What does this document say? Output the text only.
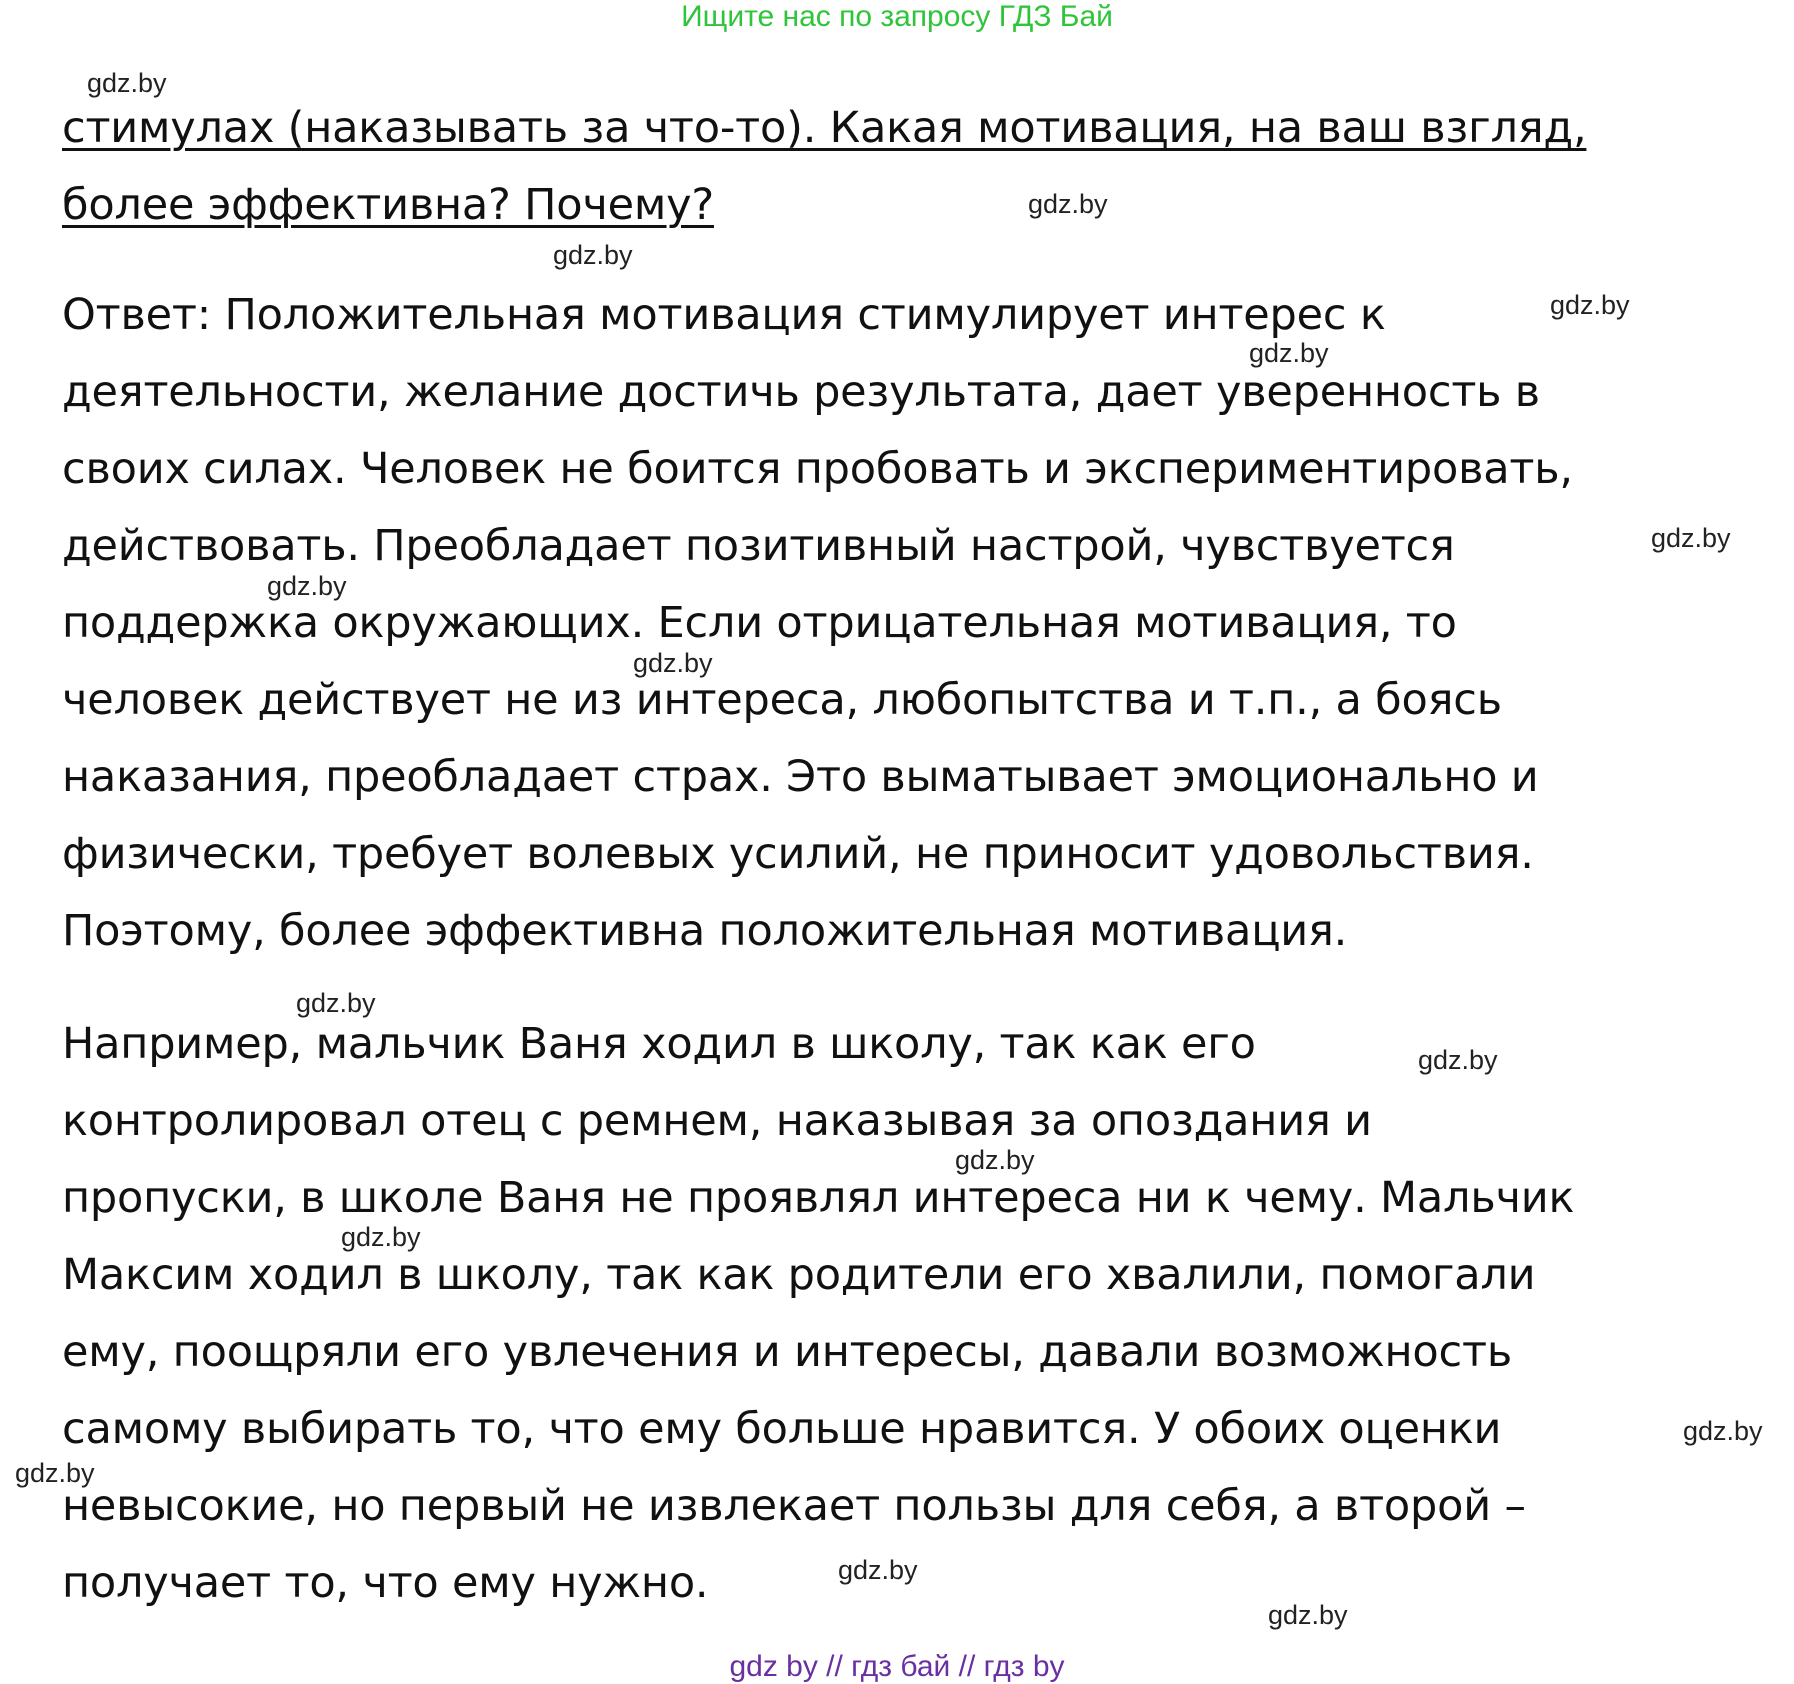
Ищите нас по запросу ГДЗ Бай
стимулах (наказывать за что-то). Какая мотивация, на ваш взгляд,
более эффективна? Почему?
Ответ: Положительная мотивация стимулирует интерес к
деятельности, желание достичь результата, дает уверенность в
своих силах. Человек не боится пробовать и экспериментировать,
действовать. Преобладает позитивный настрой, чувствуется
поддержка окружающих. Если отрицательная мотивация, то
человек действует не из интереса, любопытства и т.п., а боясь
наказания, преобладает страх. Это выматывает эмоционально и
физически, требует волевых усилий, не приносит удовольствия.
Поэтому, более эффективна положительная мотивация.
Например, мальчик Ваня ходил в школу, так как его
контролировал отец с ремнем, наказывая за опоздания и
пропуски, в школе Ваня не проявлял интереса ни к чему. Мальчик
Максим ходил в школу, так как родители его хвалили, помогали
ему, поощряли его увлечения и интересы, давали возможность
самому выбирать то, что ему больше нравится. У обоих оценки
невысокие, но первый не извлекает пользы для себя, а второй –
получает то, что ему нужно.
gdz.by
gdz.by
gdz.by
gdz.by
gdz.by
gdz.by
gdz.by
gdz.by
gdz.by
gdz.by
gdz.by
gdz.by
gdz.by
gdz.by
gdz.by
gdz.by
gdz by // гдз бай // гдз by
